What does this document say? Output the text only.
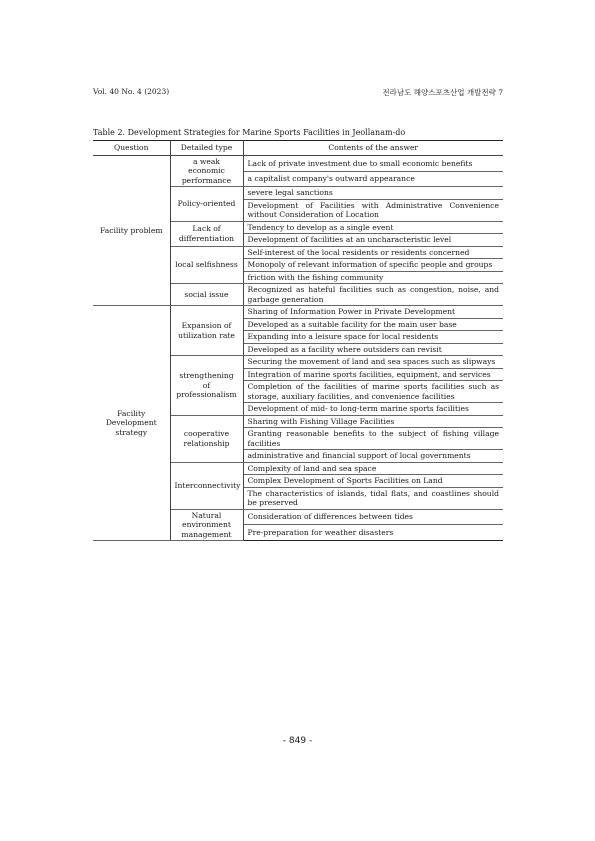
Vol. 40 No. 4 (2023)	전라남도 해양스포츠산업 개발전략 7
Table 2. Development Strategies for Marine Sports Facilities in Jeollanam-do
Question	Detailed type	Contents of the answer
Facility problem	a weak economic performance	Lack of private investment due to small economic benefits
		a capitalist company's outward appearance
	Policy-oriented	severe legal sanctions
		Development of Facilities with Administrative Convenience without Consideration of Location
	Lack of differentiation	Tendency to develop as a single event
		Development of facilities at an uncharacteristic level
	local selfishness	Self-interest of the local residents or residents concerned
		Monopoly of relevant information of specific people and groups
		friction with the fishing community
	social issue	Recognized as hateful facilities such as congestion, noise, and garbage generation
Facility Development strategy	Expansion of utilization rate	Sharing of Information Power in Private Development
		Developed as a suitable facility for the main user base
		Expanding into a leisure space for local residents
		Developed as a facility where outsiders can revisit
	strengthening of professionalism	Securing the movement of land and sea spaces such as slipways
		Integration of marine sports facilities, equipment, and services
		Completion of the facilities of marine sports facilities such as storage, auxiliary facilities, and convenience facilities
		Development of mid- to long-term marine sports facilities
	cooperative relationship	Sharing with Fishing Village Facilities
		Granting reasonable benefits to the subject of fishing village facilities
		administrative and financial support of local governments
	Interconnectivity	Complexity of land and sea space
		Complex Development of Sports Facilities on Land
		The characteristics of islands, tidal flats, and coastlines should be preserved
	Natural environment management	Consideration of differences between tides
		Pre-preparation for weather disasters
- 849 -
